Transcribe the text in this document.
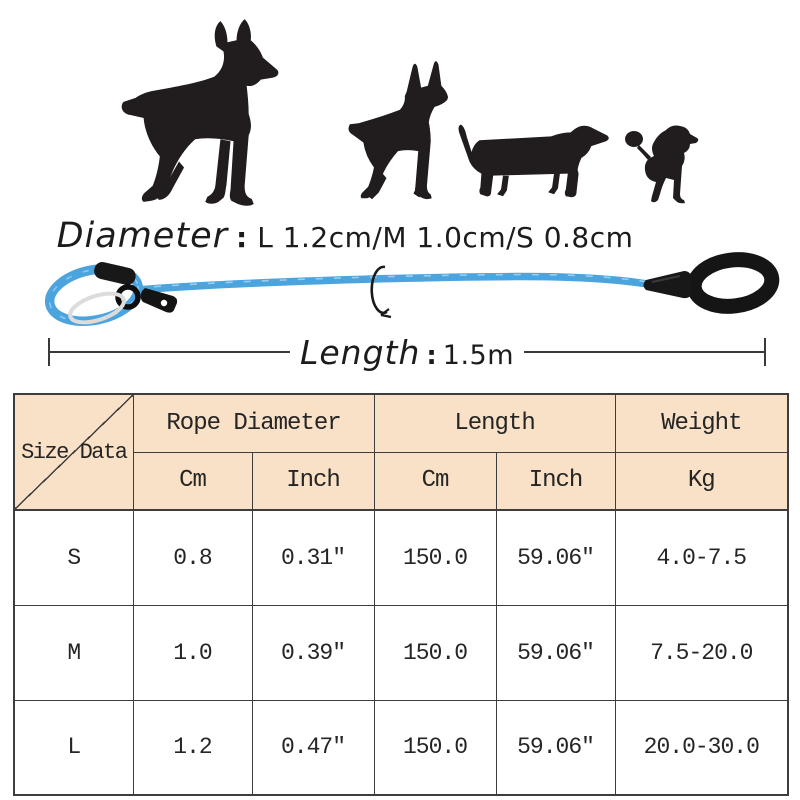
Diameter : L 1.2cm/M 1.0cm/S 0.8cm
Length : 1.5m
Size Data	Rope Diameter		Length		Weight
	Cm	Inch	Cm	Inch	Kg
S	0.8	0.31″	150.0	59.06″	4.0-7.5
M	1.0	0.39″	150.0	59.06″	7.5-20.0
L	1.2	0.47″	150.0	59.06″	20.0-30.0
